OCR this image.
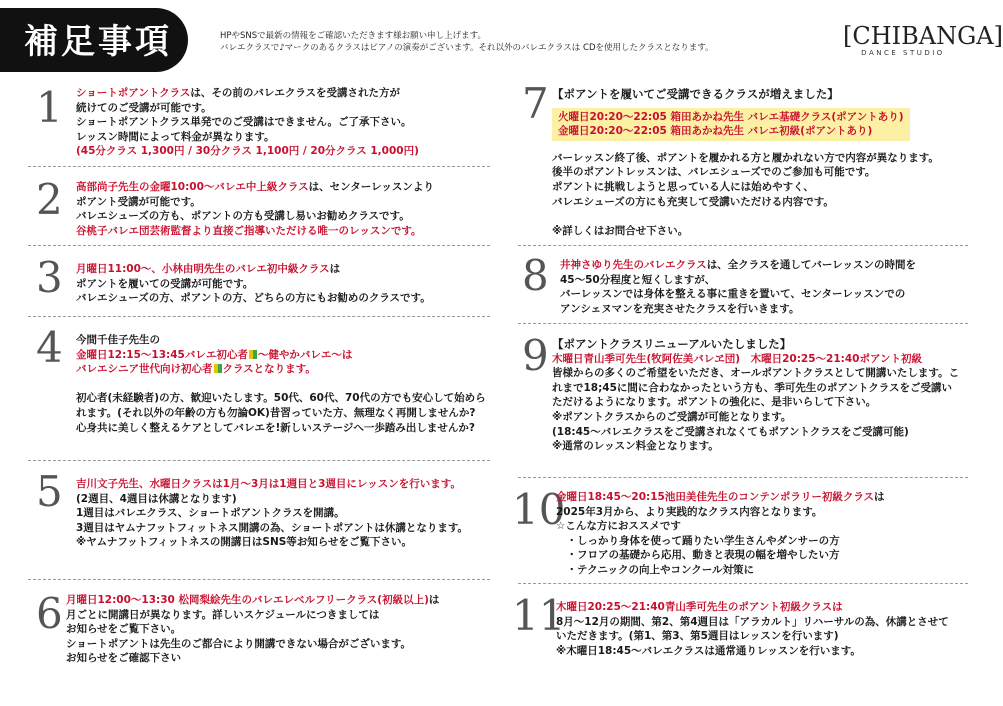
補足事項	HPやSNSで最新の情報をご確認いただきます様お願い申し上げます。
バレエクラスで♪マークのあるクラスはピアノの演奏がございます。それ以外のバレエクラスは CDを使用したクラスとなります。	[CHIBANGA]
DANCE STUDIO
1 ショートポアントクラスは、その前のバレエクラスを受講された方が
続けてのご受講が可能です。
ショートポアントクラス単発でのご受講はできません。ご了承下さい。
レッスン時間によって料金が異なります。
(45分クラス 1,300円 / 30分クラス 1,100円 / 20分クラス 1,000円)
2 高部尚子先生の金曜10:00〜バレエ中上級クラスは、センターレッスンより
ポアント受講が可能です。
バレエシューズの方も、ポアントの方も受講し易いお勧めクラスです。
谷桃子バレエ団芸術監督より直接ご指導いただける唯一のレッスンです。
3 月曜日11:00〜、小林由明先生のバレエ初中級クラスは
ポアントを履いての受講が可能です。
バレエシューズの方、ポアントの方、どちらの方にもお勧めのクラスです。
4 今間千佳子先生の
金曜日12:15〜13:45バレエ初心者 〜健やかバレエ〜は
バレエシニア世代向け初心者 クラスとなります。
初心者(未経験者)の方、歓迎いたします。50代、60代、70代の方でも安心して始めら
れます。(それ以外の年齢の方も勿論OK)昔習っていた方、無理なく再開しませんか?
心身共に美しく整えるケアとしてバレエを!新しいステージへ一歩踏み出しませんか?
5 吉川文子先生、水曜日クラスは1月〜3月は1週目と3週目にレッスンを行います。
(2週目、4週目は休講となります)
1週目はバレエクラス、ショートポアントクラスを開講。
3週目はヤムナフットフィットネス開講の為、ショートポアントは休講となります。
※ヤムナフットフィットネスの開講日はSNS等お知らせをご覧下さい。
6 月曜日12:00〜13:30 松岡梨絵先生のバレエレベルフリークラス(初級以上)は
月ごとに開講日が異なります。詳しいスケジュールにつきましては
お知らせをご覧下さい。
ショートポアントは先生のご都合により開講できない場合がございます。
お知らせをご確認下さい
7 【ポアントを履いてご受講できるクラスが増えました】
火曜日20:20〜22:05 箱田あかね先生 バレエ基礎クラス(ポアントあり)
金曜日20:20〜22:05 箱田あかね先生 バレエ初級(ポアントあり)
バーレッスン終了後、ポアントを履かれる方と履かれない方で内容が異なります。
後半のポアントレッスンは、バレエシューズでのご参加も可能です。
ポアントに挑戦しようと思っている人には始めやすく、
バレエシューズの方にも充実して受講いただける内容です。
※詳しくはお問合せ下さい。
8 井神さゆり先生のバレエクラスは、全クラスを通してバーレッスンの時間を
45〜50分程度と短くしますが、
バーレッスンでは身体を整える事に重きを置いて、センターレッスンでの
アンシェヌマンを充実させたクラスを行いきます。
9 【ポアントクラスリニューアルいたしました】
木曜日青山季可先生(牧阿佐美バレヱ団)　木曜日20:25〜21:40ポアント初級
皆様からの多くのご希望をいただき、オールポアントクラスとして開講いたします。こ
れまで18;45に間に合わなかったという方も、季可先生のポアントクラスをご受講い
ただけるようになります。ポアントの強化に、是非いらして下さい。
※ポアントクラスからのご受講が可能となります。
(18:45〜バレエクラスをご受講されなくてもポアントクラスをご受講可能)
※通常のレッスン料金となります。
10
金曜日18:45〜20:15池田美佳先生のコンテンポラリー初級クラスは
2025年3月から、より実践的なクラス内容となります。
☆こんな方におススメです
　・しっかり身体を使って踊りたい学生さんやダンサーの方
　・フロアの基礎から応用、動きと表現の幅を増やしたい方
　・テクニックの向上やコンクール対策に
11
木曜日20:25〜21:40青山季可先生のポアント初級クラスは
8月〜12月の期間、第2、第4週目は「アラカルト」リハーサルの為、休講とさせて
いただきます。(第1、第3、第5週目はレッスンを行います)
※木曜日18:45〜バレエクラスは通常通りレッスンを行います。
